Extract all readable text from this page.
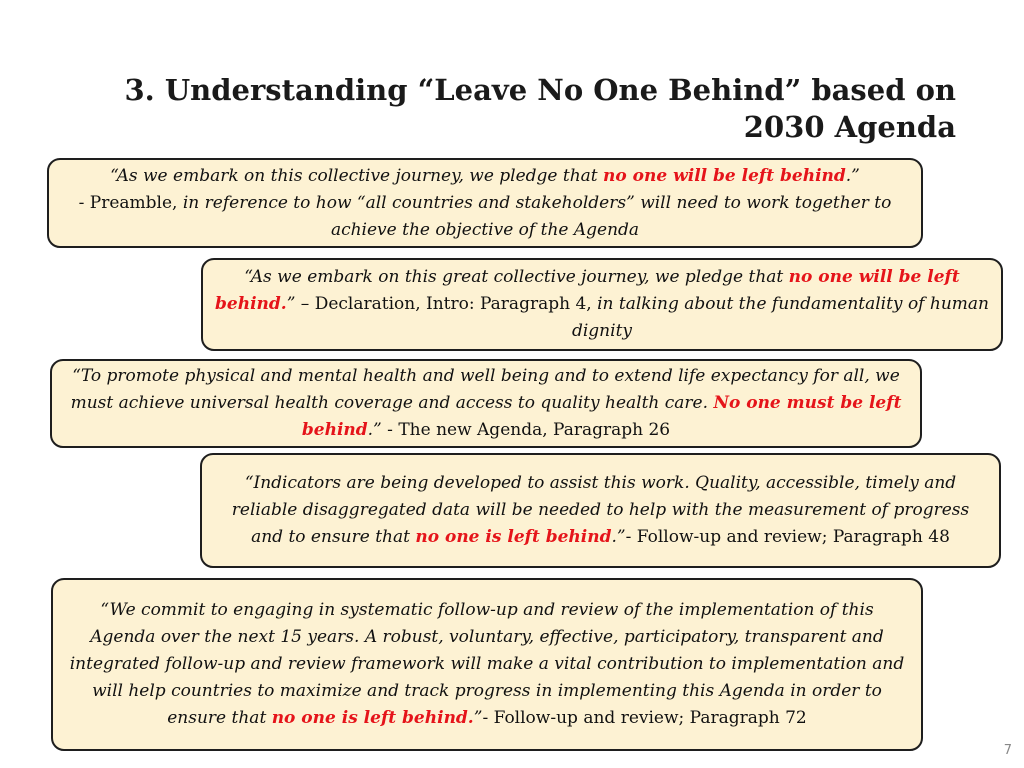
3. Understanding “Leave No One Behind” based on
2030 Agenda
“As we embark on this collective journey, we pledge that no one will be left behind.”
- Preamble, in reference to how “all countries and stakeholders” will need to work together to achieve the objective of the Agenda
“As we embark on this great collective journey, we pledge that no one will be left behind.” – Declaration, Intro: Paragraph 4, in talking about the fundamentality of human dignity
“To promote physical and mental health and well being and to extend life expectancy for all, we must achieve universal health coverage and access to quality health care. No one must be left behind.” - The new Agenda, Paragraph 26
“Indicators are being developed to assist this work. Quality, accessible, timely and reliable disaggregated data will be needed to help with the measurement of progress and to ensure that no one is left behind.”- Follow-up and review; Paragraph 48
“We commit to engaging in systematic follow-up and review of the implementation of this Agenda over the next 15 years. A robust, voluntary, effective, participatory, transparent and integrated follow-up and review framework will make a vital contribution to implementation and will help countries to maximize and track progress in implementing this Agenda in order to ensure that no one is left behind.”- Follow-up and review; Paragraph 72
7
